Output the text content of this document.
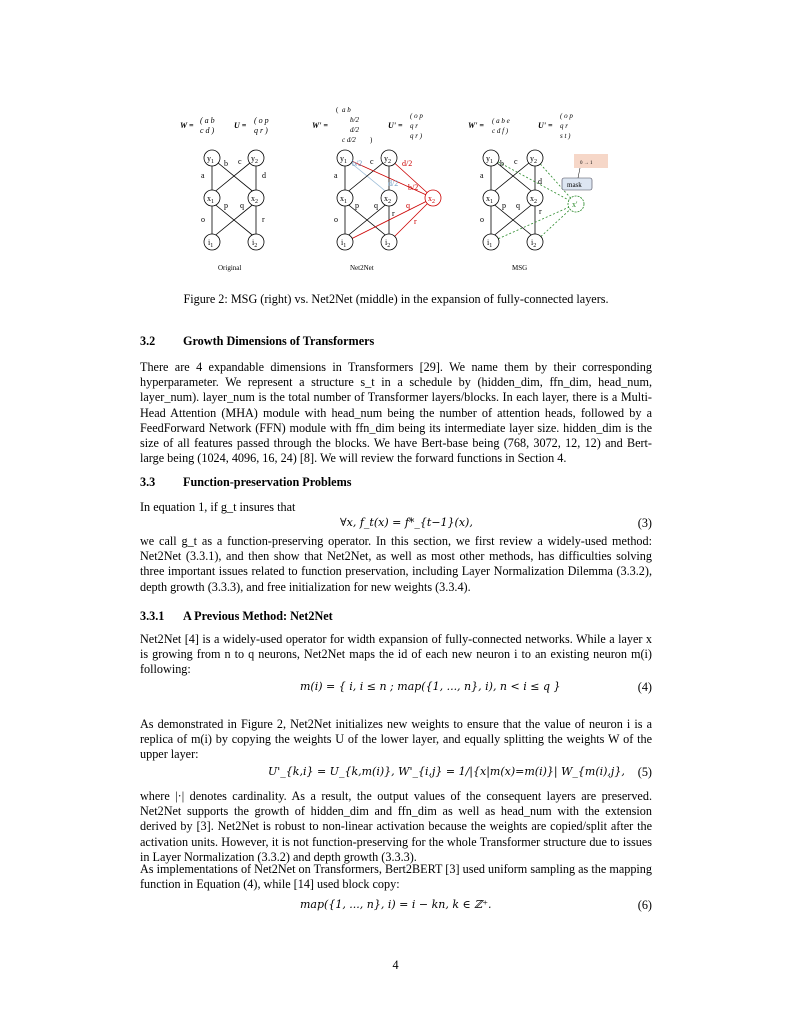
W =
( a b
c d )
U =
( o p
q r )
$y_1$	$y_2$
$x_1$	$x_2$
$i_1$	$i_2$
a
b c
d
o
p q
r
Original
W' =
( a b
b/2
d/2
c d/2 )
U' =
( o p
q r
q r )
$y_1$	$y_2$
$x_1$	$x_2$	$x_2$
$i_1$	$i_2$
a
b/2 c	d/2
d/2 b/2
o
p q	q
r
r
Net2Net
W' = ( a b e
c d f )
U' =
( o p
q r
s t )
$y_1$	$y_2$
$x_1$	$x_2$	x'
$i_1$	$i_2$
mask
0 → 1
a
b c
d
o
p q
r
MSG
Figure 2: MSG (right) vs. Net2Net (middle) in the expansion of fully-connected layers.
3.2 Growth Dimensions of Transformers
There are 4 expandable dimensions in Transformers [29]. We name them by their corresponding hyperparameter. We represent a structure s_t in a schedule by (hidden_dim, ffn_dim, head_num, layer_num). layer_num is the total number of Transformer layers/blocks. In each layer, there is a Multi-Head Attention (MHA) module with head_num being the number of attention heads, followed by a FeedForward Network (FFN) module with ffn_dim being its intermediate layer size. hidden_dim is the size of all features passed through the blocks. We have Bert-base being (768, 3072, 12, 12) and Bert-large being (1024, 4096, 16, 24) [8]. We will review the forward functions in Section 4.
3.3 Function-preservation Problems
In equation 1, if g_t insures that
∀x, f_t(x) = f*_{t−1}(x),	(3)
we call g_t as a function-preserving operator. In this section, we first review a widely-used method: Net2Net (3.3.1), and then show that Net2Net, as well as most other methods, has difficulties solving three important issues related to function preservation, including Layer Normalization Dilemma (3.3.2), depth growth (3.3.3), and free initialization for new weights (3.3.4).
3.3.1 A Previous Method: Net2Net
Net2Net [4] is a widely-used operator for width expansion of fully-connected networks. While a layer x is growing from n to q neurons, Net2Net maps the id of each new neuron i to an existing neuron m(i) following:
m(i) = { i, i ≤ n ; map({1, ..., n}, i), n < i ≤ q }	(4)
As demonstrated in Figure 2, Net2Net initializes new weights to ensure that the value of neuron i is a replica of m(i) by copying the weights U of the lower layer, and equally splitting the weights W of the upper layer:
U'_{k,i} = U_{k,m(i)}, W'_{i,j} = 1/|{x|m(x)=m(i)}| W_{m(i),j}, (5)
where |·| denotes cardinality. As a result, the output values of the consequent layers are preserved. Net2Net supports the growth of hidden_dim and ffn_dim as well as head_num with the extension derived by [3]. Net2Net is robust to non-linear activation because the weights are copied/split after the activation units. However, it is not function-preserving for the whole Transformer structure due to issues in Layer Normalization (3.3.2) and depth growth (3.3.3).
As implementations of Net2Net on Transformers, Bert2BERT [3] used uniform sampling as the mapping function in Equation (4), while [14] used block copy:
map({1, ..., n}, i) = i − kn, k ∈ ℤ⁺.	(6)
4
